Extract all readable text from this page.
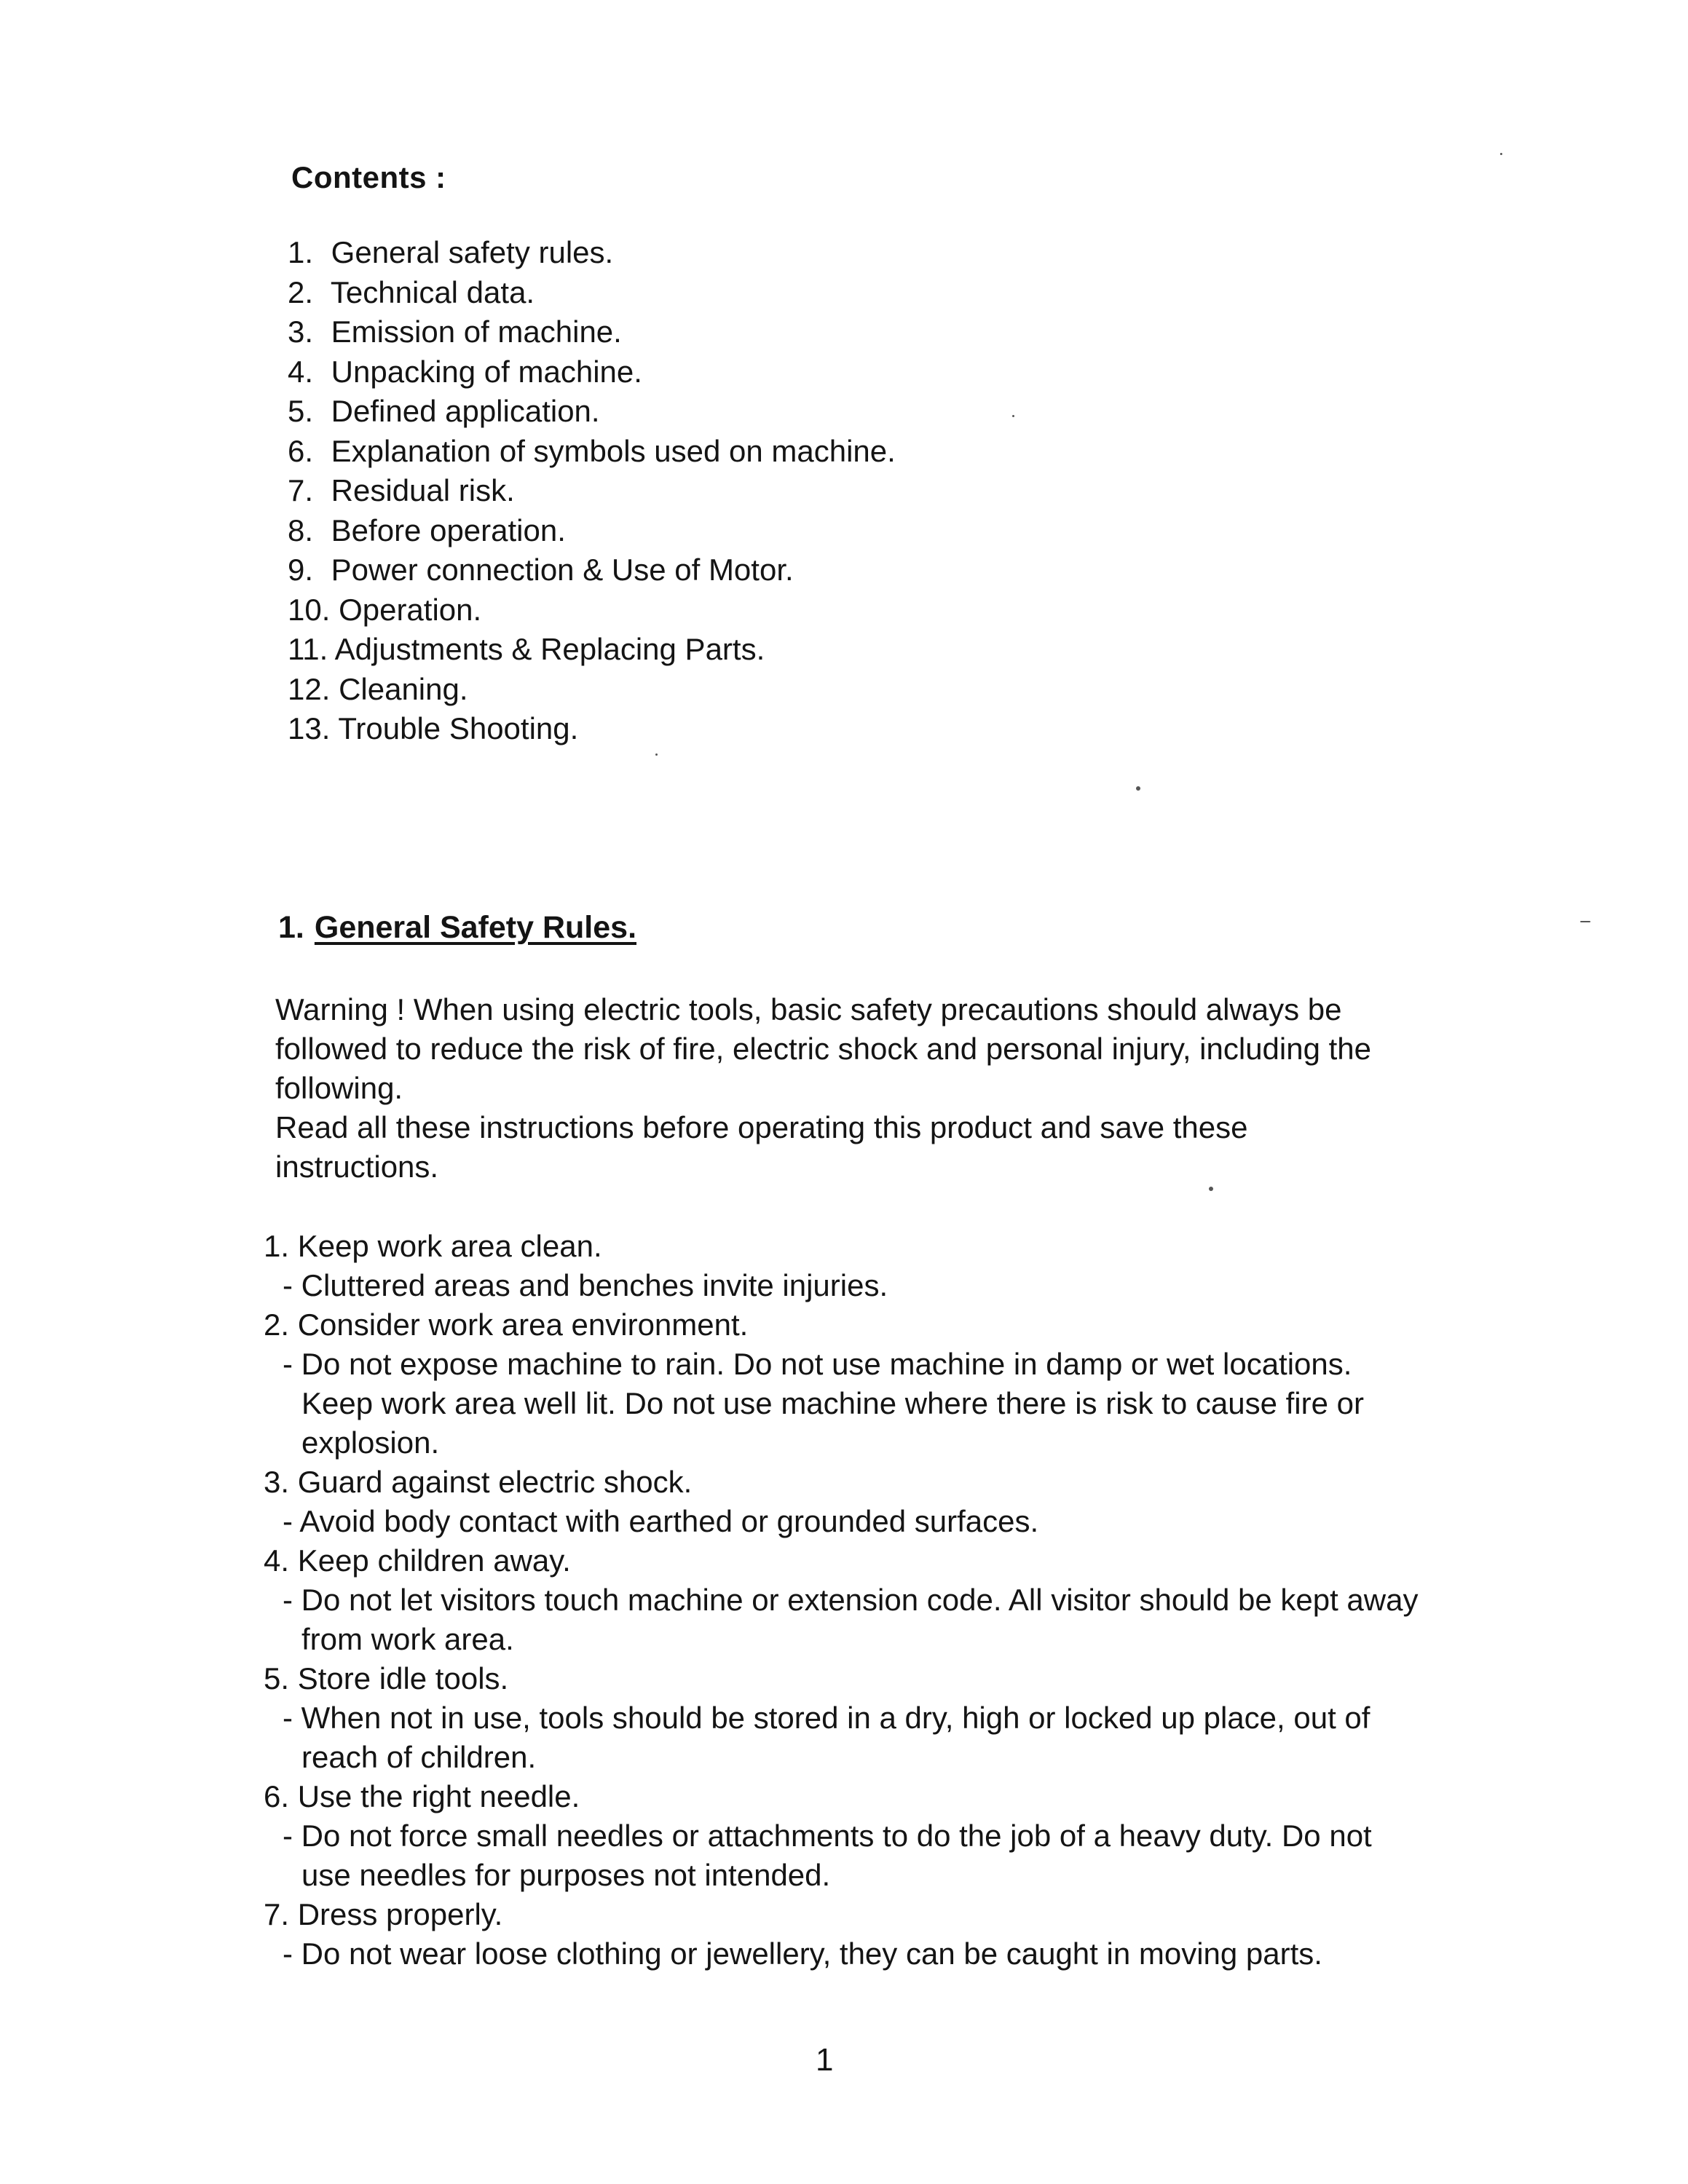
Contents :
1. General safety rules.
2. Technical data.
3. Emission of machine.
4. Unpacking of machine.
5. Defined application.
6. Explanation of symbols used on machine.
7. Residual risk.
8. Before operation.
9. Power connection & Use of Motor.
10. Operation.
11. Adjustments & Replacing Parts.
12. Cleaning.
13. Trouble Shooting.
1. General Safety Rules.

Warning ! When using electric tools, basic safety precautions should always be followed to reduce the risk of fire, electric shock and personal injury, including the following.

Read all these instructions before operating this product and save these instructions.

1. Keep work area clean.
- Cluttered areas and benches invite injuries.
2. Consider work area environment.
- Do not expose machine to rain. Do not use machine in damp or wet locations. Keep work area well lit. Do not use machine where there is risk to cause fire or explosion.
3. Guard against electric shock.
- Avoid body contact with earthed or grounded surfaces.
4. Keep children away.
- Do not let visitors touch machine or extension code. All visitor should be kept away from work area.
5. Store idle tools.
- When not in use, tools should be stored in a dry, high or locked up place, out of reach of children.
6. Use the right needle.
- Do not force small needles or attachments to do the job of a heavy duty. Do not use needles for purposes not intended.
7. Dress properly.
- Do not wear loose clothing or jewellery, they can be caught in moving parts.
1
